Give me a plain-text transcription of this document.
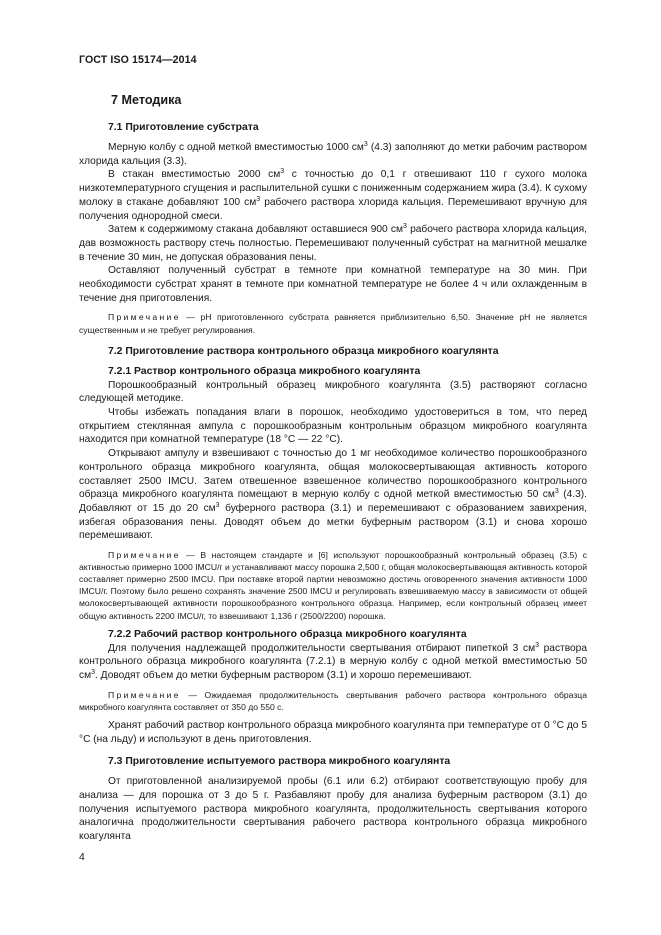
ГОСТ ISO 15174—2014
7 Методика
7.1 Приготовление субстрата

Мерную колбу с одной меткой вместимостью 1000 $см^3$ (4.3) заполняют до метки рабочим раствором хлорида кальция (3.3).

В стакан вместимостью 2000 $см^3$ с точностью до 0,1 г отвешивают 110 г сухого молока низкотемпературного сгущения и распылительной сушки с пониженным содержанием жира (3.4). К сухому молоку в стакане добавляют 100 $см^3$ рабочего раствора хлорида кальция. Перемешивают вручную для получения однородной смеси.

Затем к содержимому стакана добавляют оставшиеся 900 $см^3$ рабочего раствора хлорида кальция, дав возможность раствору стечь полностью. Перемешивают полученный субстрат на магнитной мешалке в течение 30 мин, не допуская образования пены.

Оставляют полученный субстрат в темноте при комнатной температуре на 30 мин. При необходимости субстрат хранят в темноте при комнатной температуре не более 4 ч или охлажденным в течение дня приготовления.

Примечание — pH приготовленного субстрата равняется приблизительно 6,50. Значение pH не является существенным и не требует регулирования.

7.2 Приготовление раствора контрольного образца микробного коагулянта
7.2.1 Раствор контрольного образца микробного коагулянта

Порошкообразный контрольный образец микробного коагулянта (3.5) растворяют согласно следующей методике.

Чтобы избежать попадания влаги в порошок, необходимо удостовериться в том, что перед открытием стеклянная ампула с порошкообразным контрольным образцом микробного коагулянта находится при комнатной температуре (18 °С — 22 °С).

Открывают ампулу и взвешивают с точностью до 1 мг необходимое количество порошкообразного контрольного образца микробного коагулянта, общая молокосвертывающая активность которого составляет 2500 IMCU. Затем отвешенное взвешенное количество порошкообразного контрольного образца микробного коагулянта помещают в мерную колбу с одной меткой вместимостью 50 $см^3$ (4.3). Добавляют от 15 до 20 $см^3$ буферного раствора (3.1) и перемешивают с образованием завихрения, избегая образования пены. Доводят объем до метки буферным раствором (3.1) и снова хорошо перемешивают.

Примечание — В настоящем стандарте и [6] используют порошкообразный контрольный образец (3.5) с активностью примерно 1000 IMCU/г и устанавливают массу порошка 2,500 г, общая молокосвертывающая активность которой составляет примерно 2500 IMCU. При поставке второй партии невозможно достичь оговоренного значения активности 1000 IMCU/г. Поэтому было решено сохранять значение 2500 IMCU и регулировать взвешиваемую массу в зависимости от общей молокосвертывающей активности порошкообразного контрольного образца. Например, если контрольный образец имеет общую активность 2200 IMCU/г, то взвешивают 1,136 г (2500/2200) порошка.

7.2.2 Рабочий раствор контрольного образца микробного коагулянта

Для получения надлежащей продолжительности свертывания отбирают пипеткой 3 $см^3$ раствора контрольного образца микробного коагулянта (7.2.1) в мерную колбу с одной меткой вместимостью 50 $см^3$. Доводят объем до метки буферным раствором (3.1) и хорошо перемешивают.

Примечание — Ожидаемая продолжительность свертывания рабочего раствора контрольного образца микробного коагулянта составляет от 350 до 550 с.

Хранят рабочий раствор контрольного образца микробного коагулянта при температуре от 0 °С до 5 °С (на льду) и используют в день приготовления.

7.3 Приготовление испытуемого раствора микробного коагулянта

От приготовленной анализируемой пробы (6.1 или 6.2) отбирают соответствующую пробу для анализа — для порошка от 3 до 5 г. Разбавляют пробу для анализа буферным раствором (3.1) до получения испытуемого раствора микробного коагулянта, продолжительность свертывания которого аналогична продолжительности свертывания рабочего раствора контрольного образца микробного коагулянта

4
